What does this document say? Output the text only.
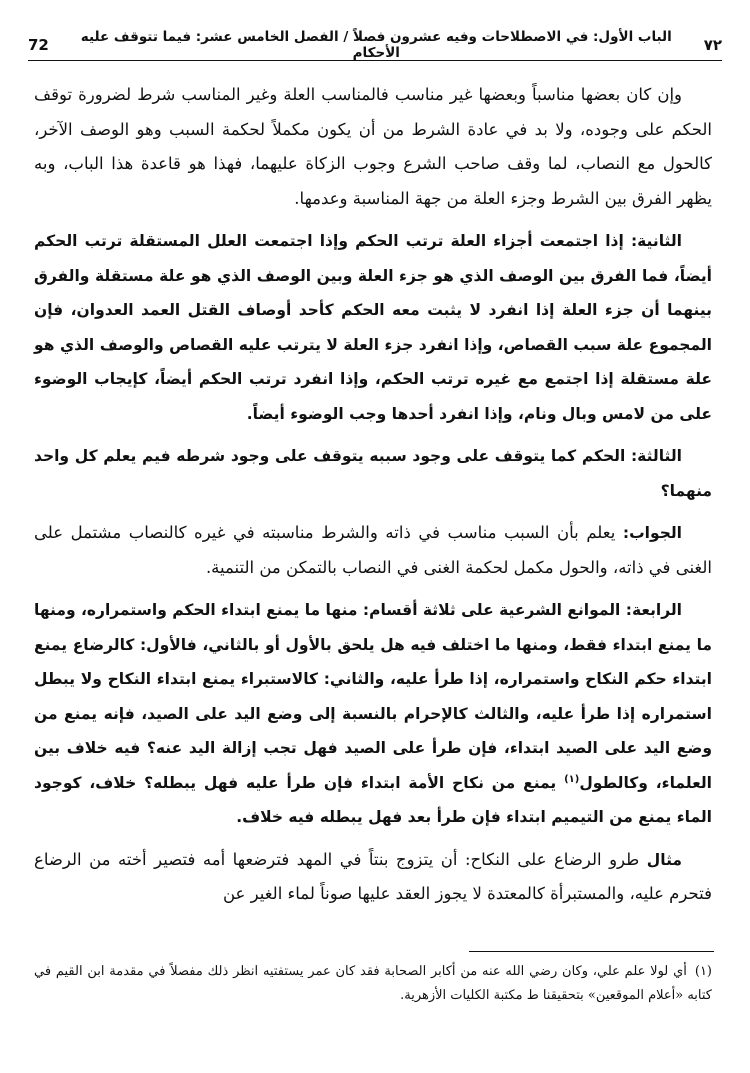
٧٢
الباب الأول: في الاصطلاحات وفيه عشرون فصلاً / الفصل الخامس عشر: فيما تتوقف عليه الأحكام
72

وإن كان بعضها مناسباً وبعضها غير مناسب فالمناسب العلة وغير المناسب شرط لضرورة توقف الحكم على وجوده، ولا بد في عادة الشرط من أن يكون مكملاً لحكمة السبب وهو الوصف الآخر، كالحول مع النصاب، لما وقف صاحب الشرع وجوب الزكاة عليهما، فهذا هو قاعدة هذا الباب، وبه يظهر الفرق بين الشرط وجزء العلة من جهة المناسبة وعدمها.

الثانية: إذا اجتمعت أجزاء العلة ترتب الحكم وإذا اجتمعت العلل المستقلة ترتب الحكم أيضاً، فما الفرق بين الوصف الذي هو جزء العلة وبين الوصف الذي هو علة مستقلة والفرق بينهما أن جزء العلة إذا انفرد لا يثبت معه الحكم كأحد أوصاف القتل العمد العدوان، فإن المجموع علة سبب القصاص، وإذا انفرد جزء العلة لا يترتب عليه القصاص والوصف الذي هو علة مستقلة إذا اجتمع مع غيره ترتب الحكم، وإذا انفرد ترتب الحكم أيضاً، كإيجاب الوضوء على من لامس وبال ونام، وإذا انفرد أحدها وجب الوضوء أيضاً.

الثالثة: الحكم كما يتوقف على وجود سببه يتوقف على وجود شرطه فيم يعلم كل واحد منهما؟

الجواب: يعلم بأن السبب مناسب في ذاته والشرط مناسبته في غيره كالنصاب مشتمل على الغنى في ذاته، والحول مكمل لحكمة الغنى في النصاب بالتمكن من التنمية.

الرابعة: الموانع الشرعية على ثلاثة أقسام: منها ما يمنع ابتداء الحكم واستمراره، ومنها ما يمنع ابتداء فقط، ومنها ما اختلف فيه هل يلحق بالأول أو بالثاني، فالأول: كالرضاع يمنع ابتداء حكم النكاح واستمراره، إذا طرأ عليه، والثاني: كالاستبراء يمنع ابتداء النكاح ولا يبطل استمراره إذا طرأ عليه، والثالث كالإحرام بالنسبة إلى وضع اليد على الصيد، فإنه يمنع من وضع اليد على الصيد ابتداء، فإن طرأ على الصيد فهل تجب إزالة اليد عنه؟ فيه خلاف بين العلماء، وكالطول$^{(١)}$ يمنع من نكاح الأمة ابتداء فإن طرأ عليه فهل يبطله؟ خلاف، كوجود الماء يمنع من التيميم ابتداء فإن طرأ بعد فهل يبطله فيه خلاف.

مثال طرو الرضاع على النكاح: أن يتزوج بنتاً في المهد فترضعها أمه فتصير أخته من الرضاع فتحرم عليه، والمستبرأة كالمعتدة لا يجوز العقد عليها صوناً لماء الغير عن

(١)أي لولا علم علي، وكان رضي الله عنه من أكابر الصحابة فقد كان عمر يستفتيه انظر ذلك مفصلاً في مقدمة ابن القيم في كتابه «أعلام الموقعين» بتحقيقنا ط مكتبة الكليات الأزهرية.
